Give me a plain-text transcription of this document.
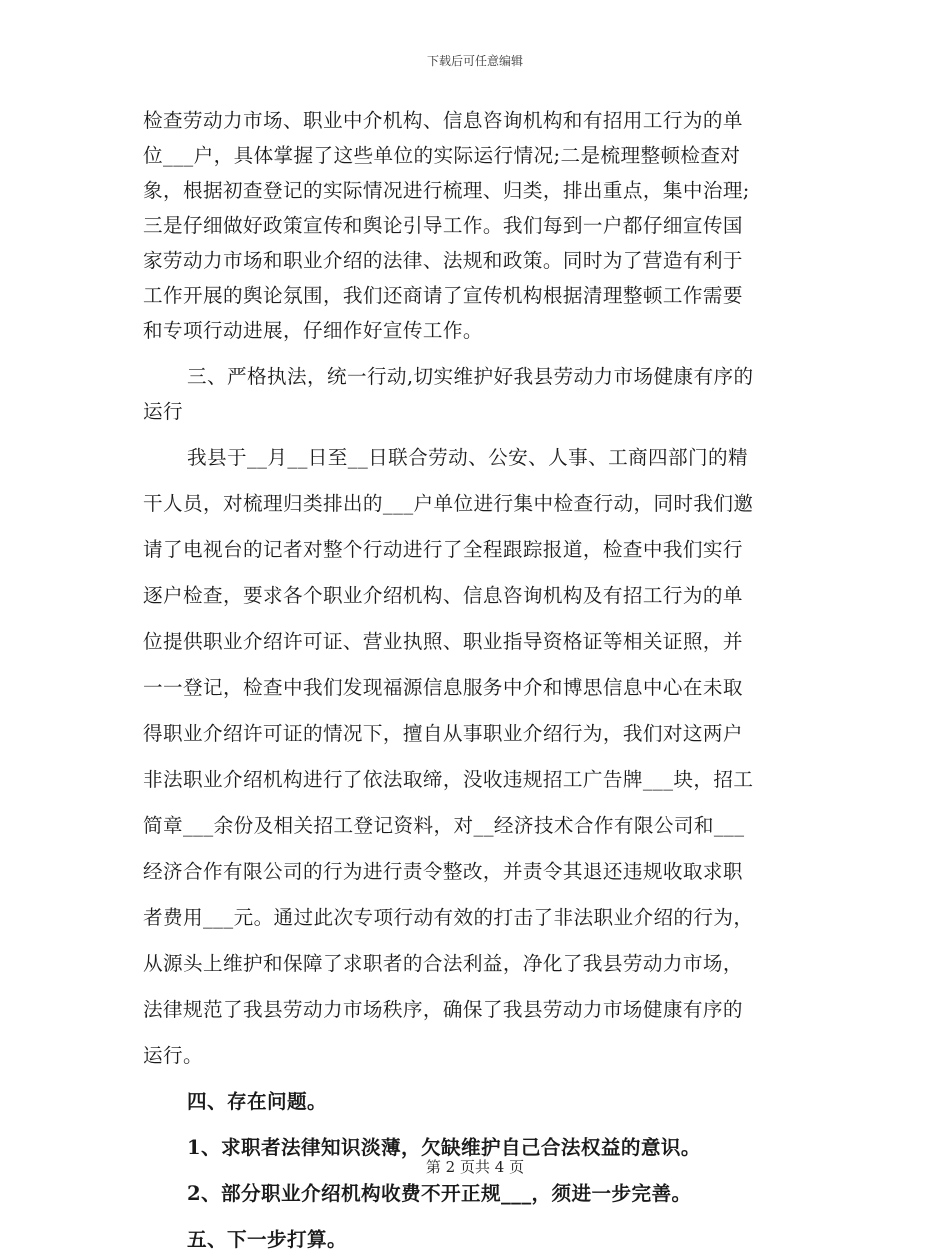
下载后可任意编辑
检查劳动力市场、职业中介机构、信息咨询机构和有招用工行为的单
位___户，具体掌握了这些单位的实际运行情况;二是梳理整顿检查对
象，根据初查登记的实际情况进行梳理、归类，排出重点，集中治理;
三是仔细做好政策宣传和舆论引导工作。我们每到一户都仔细宣传国
家劳动力市场和职业介绍的法律、法规和政策。同时为了营造有利于
工作开展的舆论氛围，我们还商请了宣传机构根据清理整顿工作需要
和专项行动进展，仔细作好宣传工作。
三、严格执法，统一行动,切实维护好我县劳动力市场健康有序的
运行
我县于__月__日至__日联合劳动、公安、人事、工商四部门的精
干人员，对梳理归类排出的___户单位进行集中检查行动，同时我们邀
请了电视台的记者对整个行动进行了全程跟踪报道，检查中我们实行
逐户检查，要求各个职业介绍机构、信息咨询机构及有招工行为的单
位提供职业介绍许可证、营业执照、职业指导资格证等相关证照，并
一一登记，检查中我们发现福源信息服务中介和博思信息中心在未取
得职业介绍许可证的情况下，擅自从事职业介绍行为，我们对这两户
非法职业介绍机构进行了依法取缔，没收违规招工广告牌___块，招工
简章___余份及相关招工登记资料，对__经济技术合作有限公司和___
经济合作有限公司的行为进行责令整改，并责令其退还违规收取求职
者费用___元。通过此次专项行动有效的打击了非法职业介绍的行为，
从源头上维护和保障了求职者的合法利益，净化了我县劳动力市场，
法律规范了我县劳动力市场秩序，确保了我县劳动力市场健康有序的
运行。
四、存在问题。
1、求职者法律知识淡薄，欠缺维护自己合法权益的意识。
2、部分职业介绍机构收费不开正规___，须进一步完善。
五、下一步打算。
第 2 页共 4 页
